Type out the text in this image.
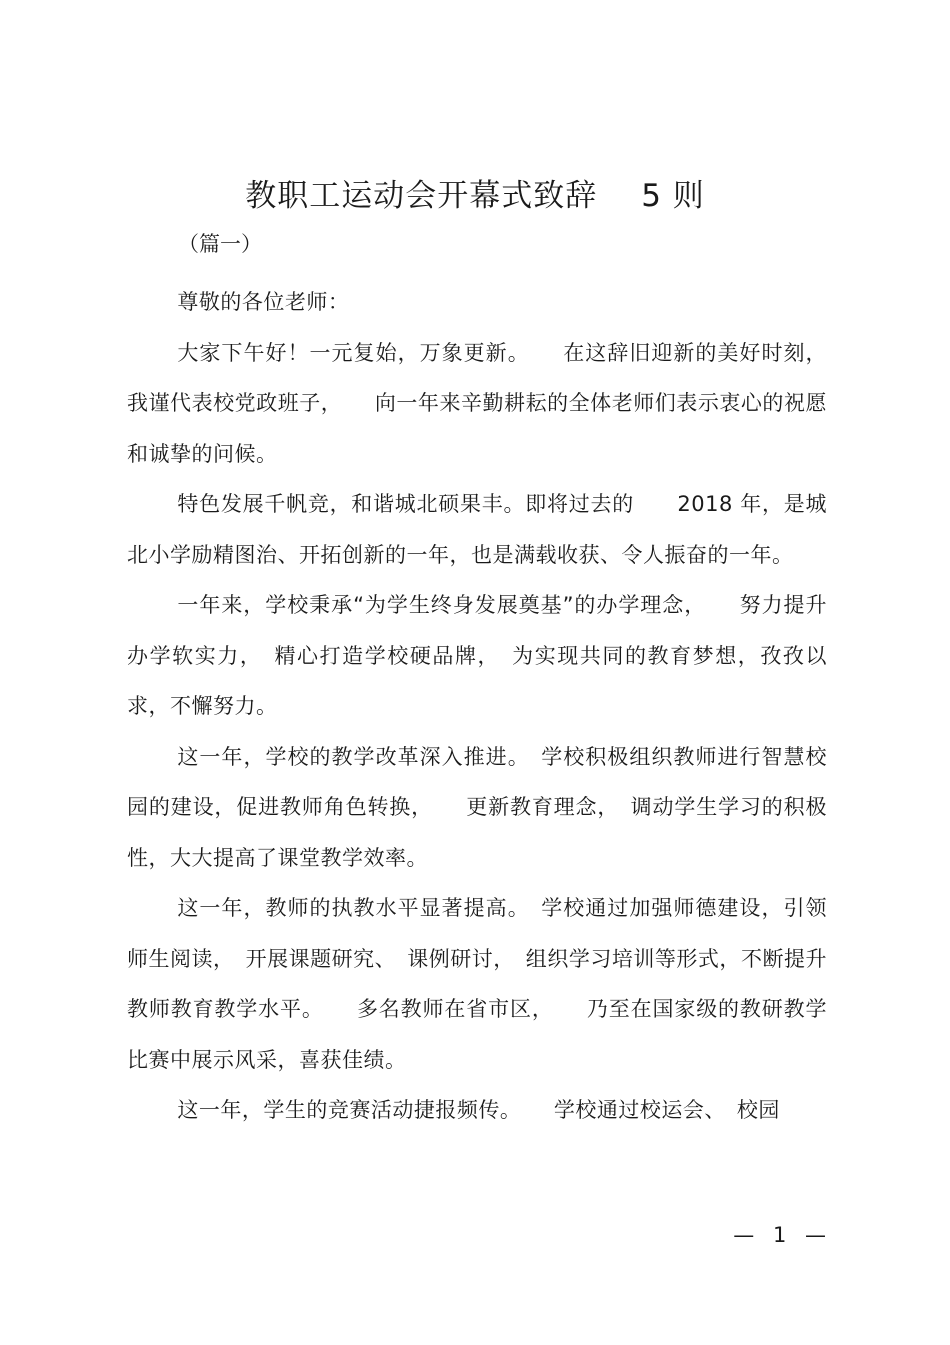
教职工运动会开幕式致辞 5 则
（篇一）

尊敬的各位老师：

大家下午好！一元复始，万象更新。　　在这辞旧迎新的美好时刻，我谨代表校党政班子，　　向一年来辛勤耕耘的全体老师们表示衷心的祝愿和诚挚的问候。

特色发展千帆竞，和谐城北硕果丰。即将过去的　　2018 年，是城北小学励精图治、开拓创新的一年，也是满载收获、令人振奋的一年。

一年来，学校秉承“为学生终身发展奠基”的办学理念，　　努力提升办学软实力，　精心打造学校硬品牌，　为实现共同的教育梦想，孜孜以求，不懈努力。

这一年，学校的教学改革深入推进。　学校积极组织教师进行智慧校园的建设，促进教师角色转换，　　更新教育理念，　调动学生学习的积极性，大大提高了课堂教学效率。

这一年，教师的执教水平显著提高。　学校通过加强师德建设，引领师生阅读，　开展课题研究、　课例研讨，　组织学习培训等形式，不断提升教师教育教学水平。　　多名教师在省市区，　　乃至在国家级的教研教学比赛中展示风采，喜获佳绩。

这一年，学生的竞赛活动捷报频传。　　学校通过校运会、　校园

— 1 —
